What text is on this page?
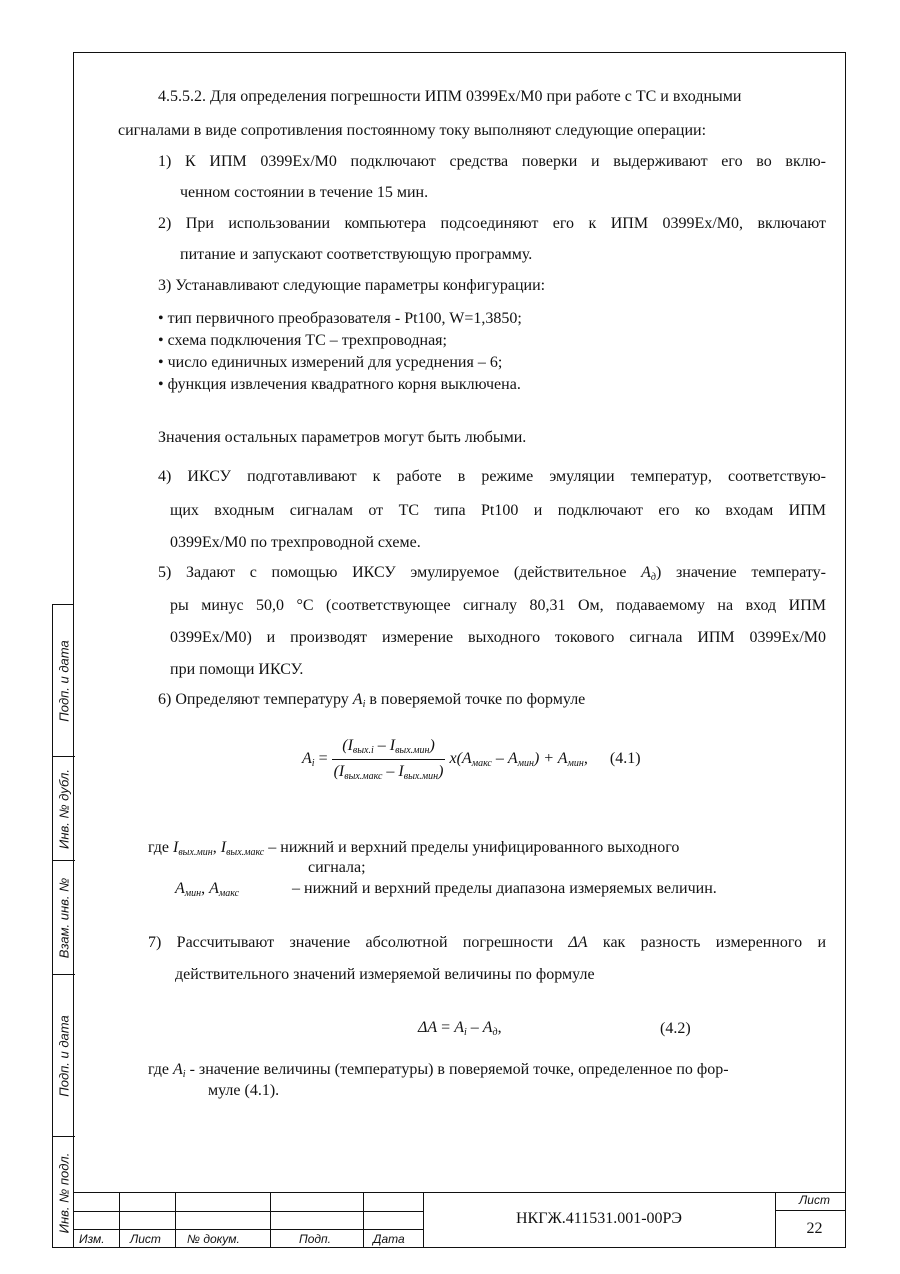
Подп. и дата
Инв. № дубл.
Взам. инв. №
Подп. и дата
Инв. № подл.
4.5.5.2. Для определения погрешности ИПМ 0399Ex/M0 при работе с ТС и входными
сигналами в виде сопротивления постоянному току выполняют следующие операции:
1) К ИПМ 0399Ex/M0 подключают средства поверки и выдерживают его во вклю-
ченном состоянии в течение 15 мин.
2) При использовании компьютера подсоединяют его к ИПМ 0399Ex/M0, включают
питание и запускают соответствующую программу.
3) Устанавливают следующие параметры конфигурации:
• тип первичного преобразователя - Pt100, W=1,3850;
• схема подключения ТС – трехпроводная;
• число единичных измерений для усреднения – 6;
• функция извлечения квадратного корня выключена.
Значения остальных параметров могут быть любыми.
4) ИКСУ подготавливают к работе в режиме эмуляции температур, соответствую-
щих входным сигналам от ТС типа Pt100 и подключают его ко входам ИПМ
0399Ex/M0 по трехпроводной схеме.
5) Задают с помощью ИКСУ эмулируемое (действительное $A_д$) значение температу-
ры минус 50,0 °С (соответствующее сигналу 80,31 Ом, подаваемому на вход ИПМ
0399Ex/M0) и производят измерение выходного токового сигнала ИПМ 0399Ex/M0
при помощи ИКСУ.
6) Определяют температуру $A_i$ в поверяемой точке по формуле
$A_i = \frac{(I_{вых.i} - I_{вых.мин})}{(I_{вых.макс} - I_{вых.мин})} x(A_{макс} - A_{мин}) + A_{мин}$, (4.1)
где $I_{вых.мин}$, $I_{вых.макс}$ – нижний и верхний пределы унифицированного выходного
сигнала;
$A_{мин}$, $A_{макс}$	– нижний и верхний пределы диапазона измеряемых величин.
7) Рассчитывают значение абсолютной погрешности ΔA как разность измеренного и
действительного значений измеряемой величины по формуле
$\Delta A = A_i - A_д$,	(4.2)
где $A_i$ - значение величины (температуры) в поверяемой точке, определенное по фор-
муле (4.1).
Изм. Лист № докум.	Подп.	Дата
НКГЖ.411531.001-00РЭ
Лист
22
